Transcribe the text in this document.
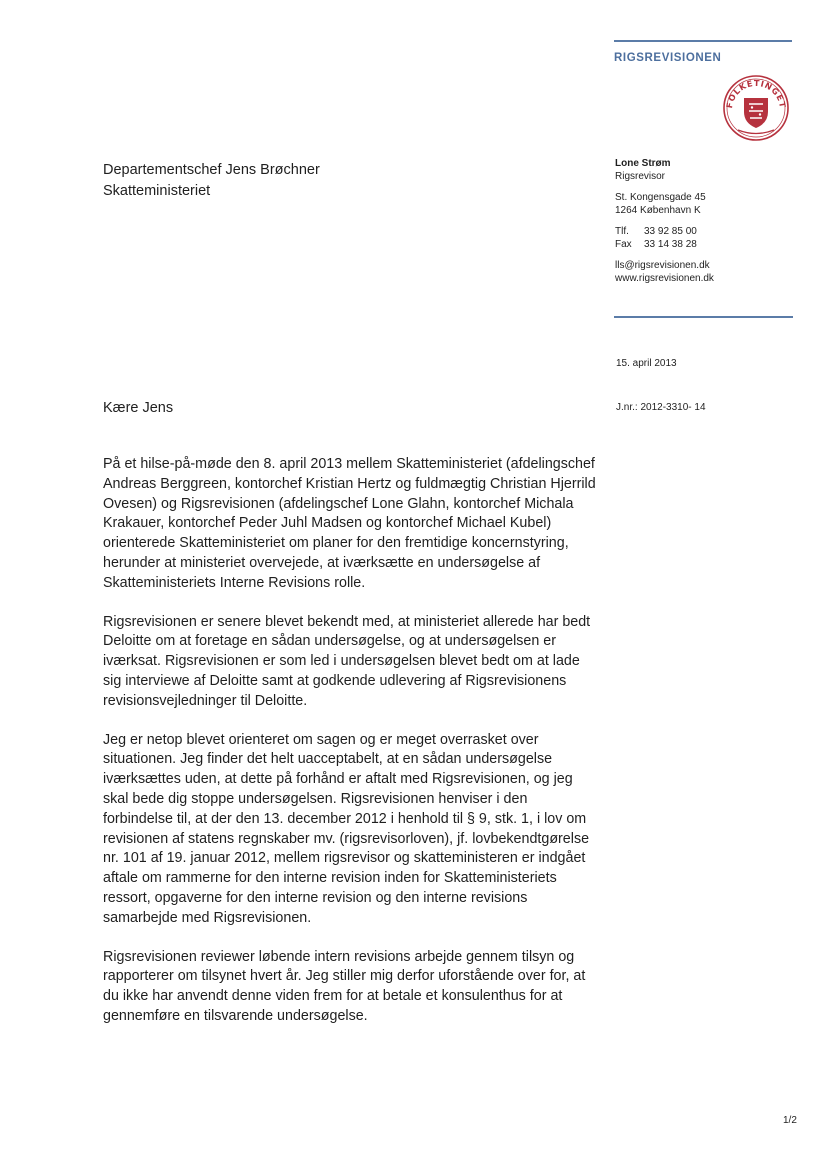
RIGSREVISIONEN
FOLKETINGET
Departementschef Jens Brøchner
Skatteministeriet
Lone Strøm
Rigsrevisor
St. Kongensgade 45
1264 København K
Tlf. 33 92 85 00
Fax 33 14 38 28
lls@rigsrevisionen.dk
www.rigsrevisionen.dk
15. april 2013
J.nr.: 2012-3310- 14
Kære Jens

På et hilse-på-møde den 8. april 2013 mellem Skatteministeriet (afdelingschef Andreas Berggreen, kontorchef Kristian Hertz og fuldmægtig Christian Hjerrild Ovesen) og Rigsrevisionen (afdelingschef Lone Glahn, kontorchef Michala Krakauer, kontorchef Peder Juhl Madsen og kontorchef Michael Kubel) orienterede Skatteministeriet om planer for den fremtidige koncernstyring, herunder at ministeriet overvejede, at iværksætte en undersøgelse af Skatteministeriets Interne Revisions rolle.

Rigsrevisionen er senere blevet bekendt med, at ministeriet allerede har bedt Deloitte om at foretage en sådan undersøgelse, og at undersøgelsen er iværksat. Rigsrevisionen er som led i undersøgelsen blevet bedt om at lade sig interviewe af Deloitte samt at godkende udlevering af Rigsrevisionens revisionsvejledninger til Deloitte.

Jeg er netop blevet orienteret om sagen og er meget overrasket over situationen. Jeg finder det helt uacceptabelt, at en sådan undersøgelse iværksættes uden, at dette på forhånd er aftalt med Rigsrevisionen, og jeg skal bede dig stoppe undersøgelsen. Rigsrevisionen henviser i den forbindelse til, at der den 13. december 2012 i henhold til § 9, stk. 1, i lov om revisionen af statens regnskaber mv. (rigsrevisorloven), jf. lovbekendtgørelse nr. 101 af 19. januar 2012, mellem rigsrevisor og skatteministeren er indgået aftale om rammerne for den interne revision inden for Skatteministeriets ressort, opgaverne for den interne revision og den interne revisions samarbejde med Rigsrevisionen.

Rigsrevisionen reviewer løbende intern revisions arbejde gennem tilsyn og rapporterer om tilsynet hvert år. Jeg stiller mig derfor uforstående over for, at du ikke har anvendt denne viden frem for at betale et konsulenthus for at gennemføre en tilsvarende undersøgelse.

1/2
